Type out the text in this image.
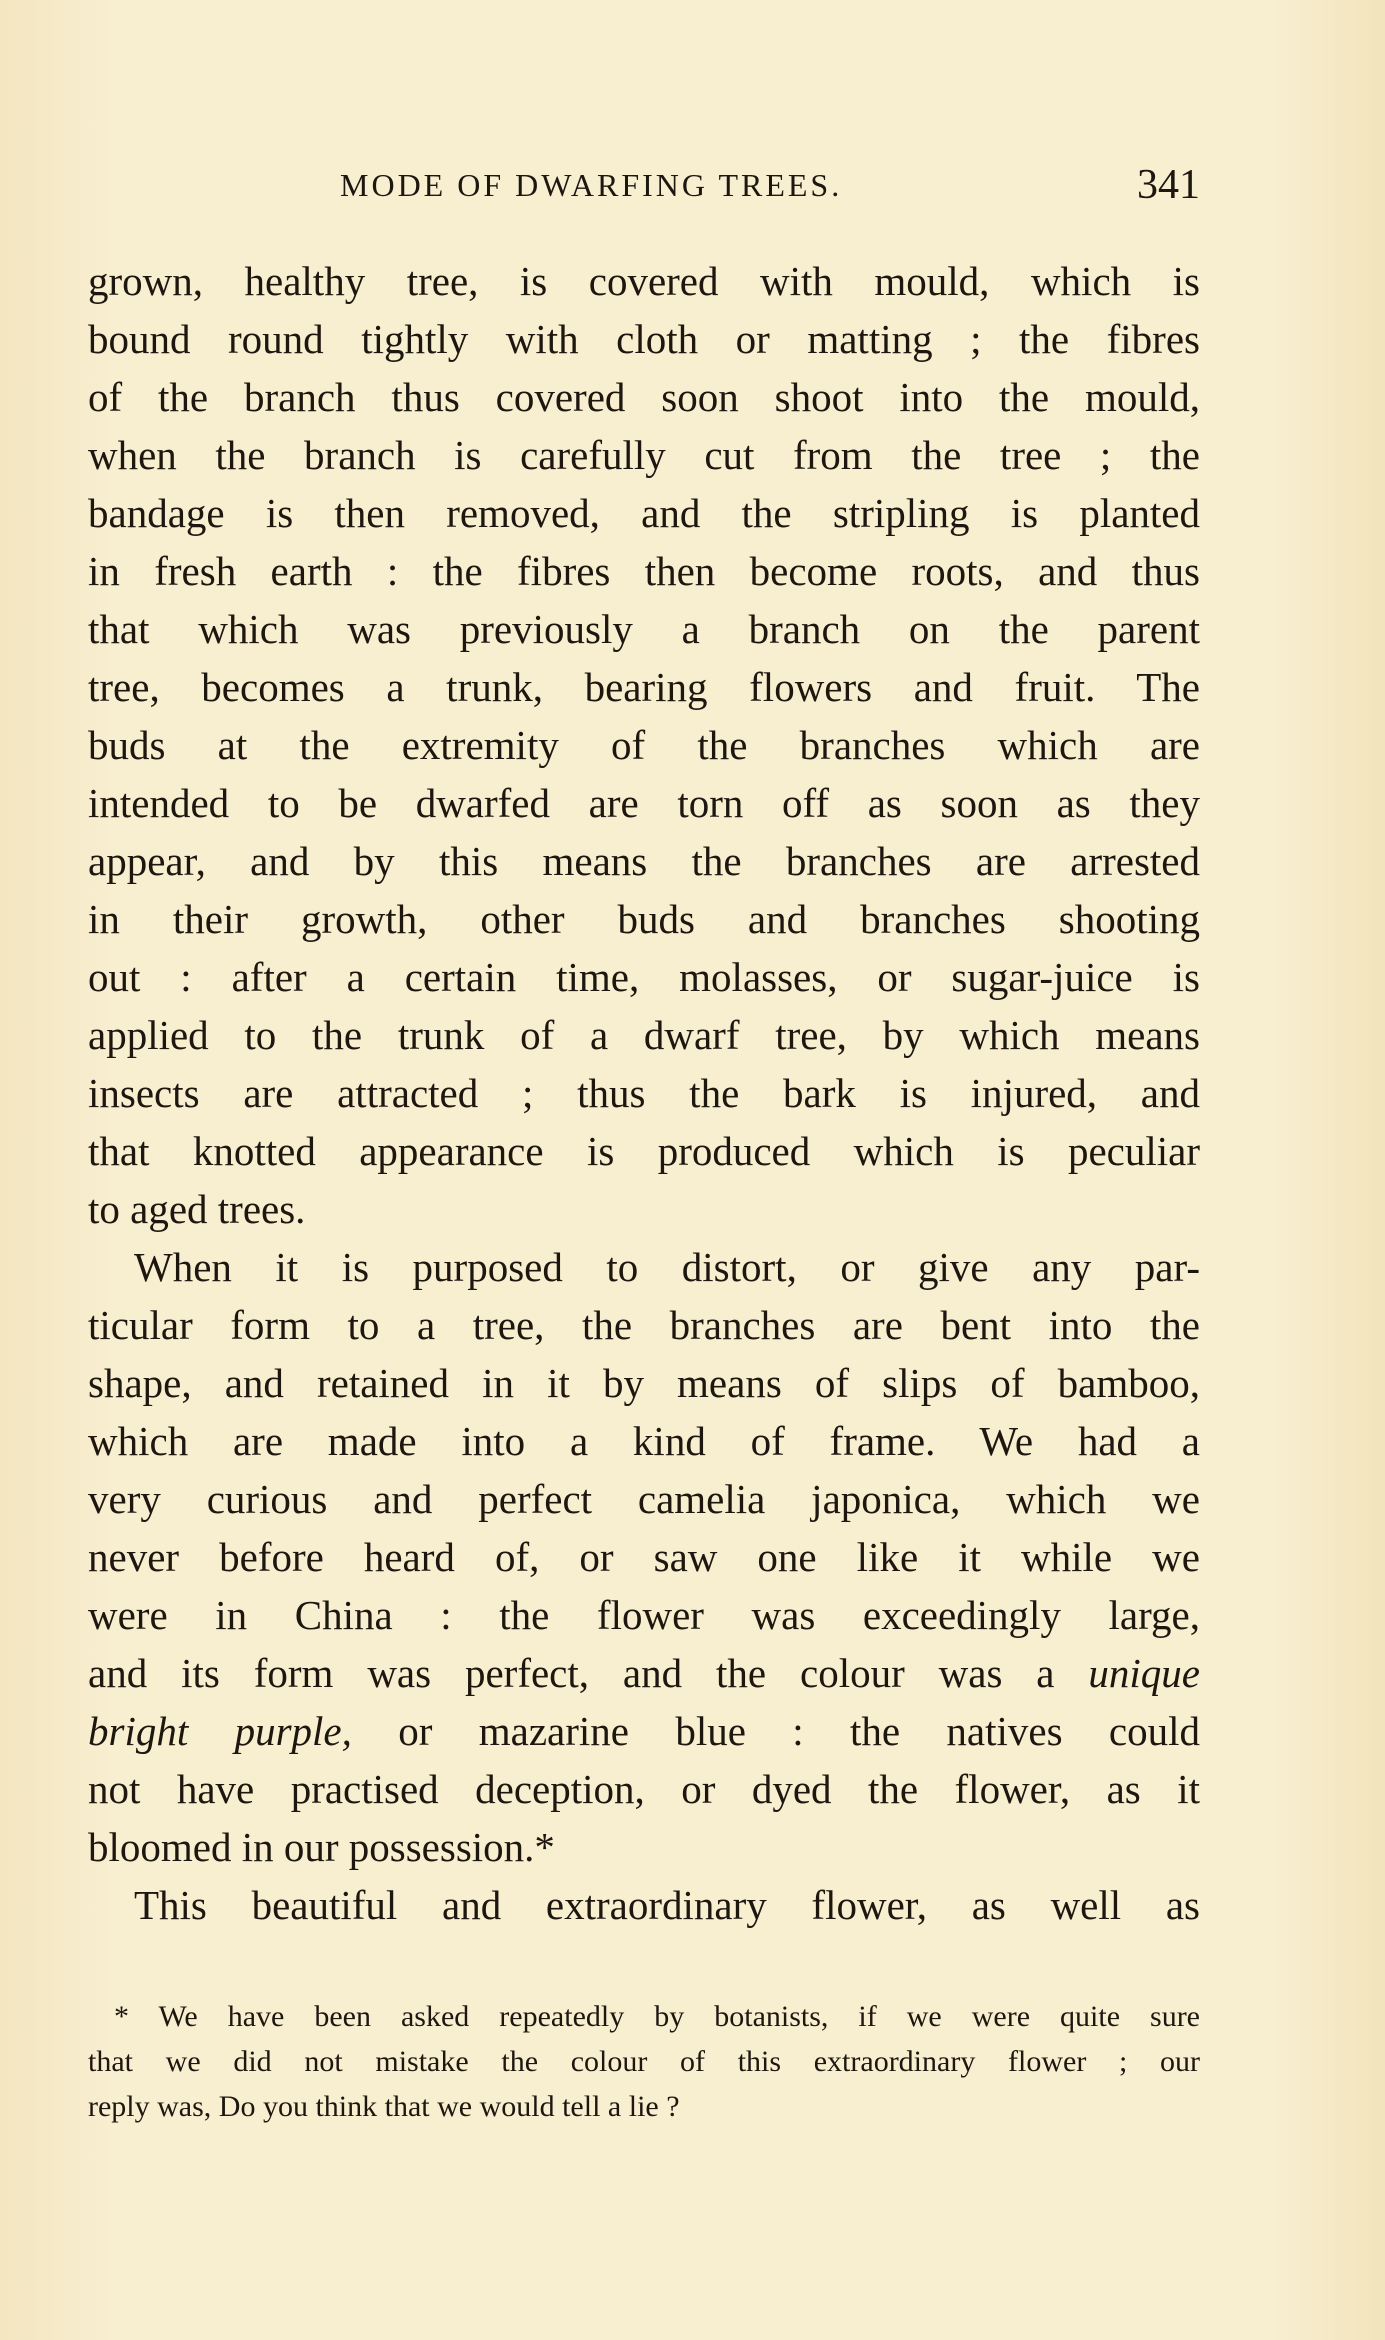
MODE OF DWARFING TREES.	341
grown, healthy tree, is covered with mould, which is
bound round tightly with cloth or matting ; the fibres
of the branch thus covered soon shoot into the mould,
when the branch is carefully cut from the tree ; the
bandage is then removed, and the stripling is planted
in fresh earth : the fibres then become roots, and thus
that which was previously a branch on the parent
tree, becomes a trunk, bearing flowers and fruit. The
buds at the extremity of the branches which are
intended to be dwarfed are torn off as soon as they
appear, and by this means the branches are arrested
in their growth, other buds and branches shooting
out : after a certain time, molasses, or sugar-juice is
applied to the trunk of a dwarf tree, by which means
insects are attracted ; thus the bark is injured, and
that knotted appearance is produced which is peculiar
to aged trees.
When it is purposed to distort, or give any par-
ticular form to a tree, the branches are bent into the
shape, and retained in it by means of slips of bamboo,
which are made into a kind of frame. We had a
very curious and perfect camelia japonica, which we
never before heard of, or saw one like it while we
were in China : the flower was exceedingly large,
and its form was perfect, and the colour was a unique
bright purple, or mazarine blue : the natives could
not have practised deception, or dyed the flower, as it
bloomed in our possession.*
This beautiful and extraordinary flower, as well as
* We have been asked repeatedly by botanists, if we were quite sure
that we did not mistake the colour of this extraordinary flower ; our
reply was, Do you think that we would tell a lie ?
